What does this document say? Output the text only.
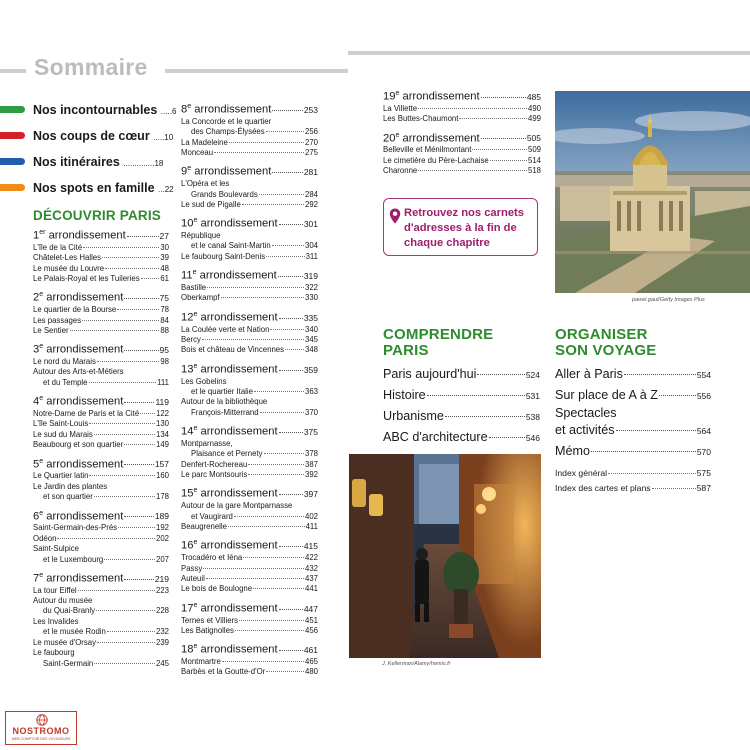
Sommaire
Nos incontournables .....6
Nos coups de cœur .....10
Nos itinéraires ..............18
Nos spots en famille ...22
DÉCOUVRIR PARIS
1er arrondissement	27
L'île de la Cité	30
Châtelet-Les Halles	39
Le musée du Louvre	48
Le Palais-Royal et les Tuileries	61
2e arrondissement	75
Le quartier de la Bourse	78
Les passages	84
Le Sentier	88
3e arrondissement	95
Le nord du Marais	98
Autour des Arts-et-Métiers
et du Temple	111
4e arrondissement	119
Notre-Dame de Paris et la Cité 122
L'île Saint-Louis	130
Le sud du Marais	134
Beaubourg et son quartier	149
5e arrondissement	157
Le Quartier latin	160
Le Jardin des plantes
et son quartier	178
6e arrondissement	189
Saint-Germain-des-Prés	192
Odéon	202
Saint-Sulpice
et le Luxembourg	207
7e arrondissement	219
La tour Eiffel	223
Autour du musée
du Quai-Branly	228
Les Invalides
et le musée Rodin	232
Le musée d'Orsay	239
Le faubourg
Saint-Germain	245
8e arrondissement	253
La Concorde et le quartier
des Champs-Élysées	256
La Madeleine	270
Monceau	275
9e arrondissement	281
L'Opéra et les
Grands Boulevards	284
Le sud de Pigalle	292
10e arrondissement	301
République
et le canal Saint-Martin	304
Le faubourg Saint-Denis	311
11e arrondissement	319
Bastille	322
Oberkampf	330
12e arrondissement	335
La Coulée verte et Nation	340
Bercy	345
Bois et château de Vincennes	348
13e arrondissement	359
Les Gobelins
et le quartier Italie	363
Autour de la bibliothèque
François-Mitterrand	370
14e arrondissement	375
Montparnasse,
Plaisance et Pernety	378
Denfert-Rochereau	387
Le parc Montsouris	392
15e arrondissement	397
Autour de la gare Montparnasse
et Vaugirard	402
Beaugrenelle	411
16e arrondissement	415
Trocadéro et Iéna	422
Passy	432
Auteuil	437
Le bois de Boulogne	441
17e arrondissement	447
Ternes et Villiers	451
Les Batignolles	456
18e arrondissement	461
Montmartre	465
Barbès et la Goutte-d'Or	480
19e arrondissement	485
La Villette	490
Les Buttes-Chaumont	499
20e arrondissement	505
Belleville et Ménilmontant	509
Le cimetière du Père-Lachaise	514
Charonne	518
Retrouvez nos carnets d'adresses à la fin de chaque chapitre
COMPRENDRE
PARIS
Paris aujourd'hui	524
Histoire	531
Urbanisme	538
ABC d'architecture	546
ORGANISER
SON VOYAGE
Aller à Paris	554
Sur place de A à Z	556
Spectacles
et activités	564
Mémo	570
Index général	575
Index des cartes et plans	587
pawel.gaul/Getty Images Plus
J. Kellerman/Alamy/hemis.fr
NOSTROMO
WEB COMPTOIR DES VOYAGEURS
